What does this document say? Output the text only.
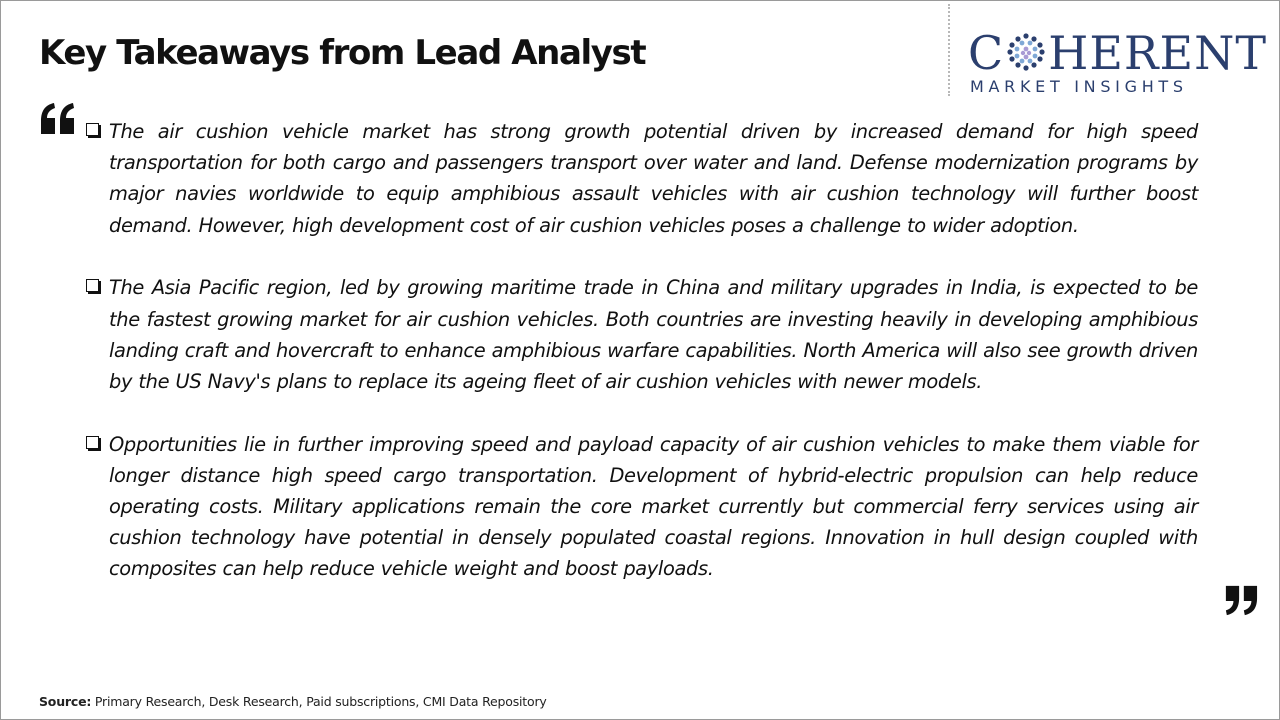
Key Takeaways from Lead Analyst	C HERENT
MARKET INSIGHTS
The air cushion vehicle market has strong growth potential driven by increased demand for high speed transportation for both cargo and passengers transport over water and land. Defense modernization programs by major navies worldwide to equip amphibious assault vehicles with air cushion technology will further boost demand. However, high development cost of air cushion vehicles poses a challenge to wider adoption.
The Asia Pacific region, led by growing maritime trade in China and military upgrades in India, is expected to be the fastest growing market for air cushion vehicles. Both countries are investing heavily in developing amphibious landing craft and hovercraft to enhance amphibious warfare capabilities. North America will also see growth driven by the US Navy's plans to replace its ageing fleet of air cushion vehicles with newer models.
Opportunities lie in further improving speed and payload capacity of air cushion vehicles to make them viable for longer distance high speed cargo transportation. Development of hybrid-electric propulsion can help reduce operating costs. Military applications remain the core market currently but commercial ferry services using air cushion technology have potential in densely populated coastal regions. Innovation in hull design coupled with composites can help reduce vehicle weight and boost payloads.
Source: Primary Research, Desk Research, Paid subscriptions, CMI Data Repository
